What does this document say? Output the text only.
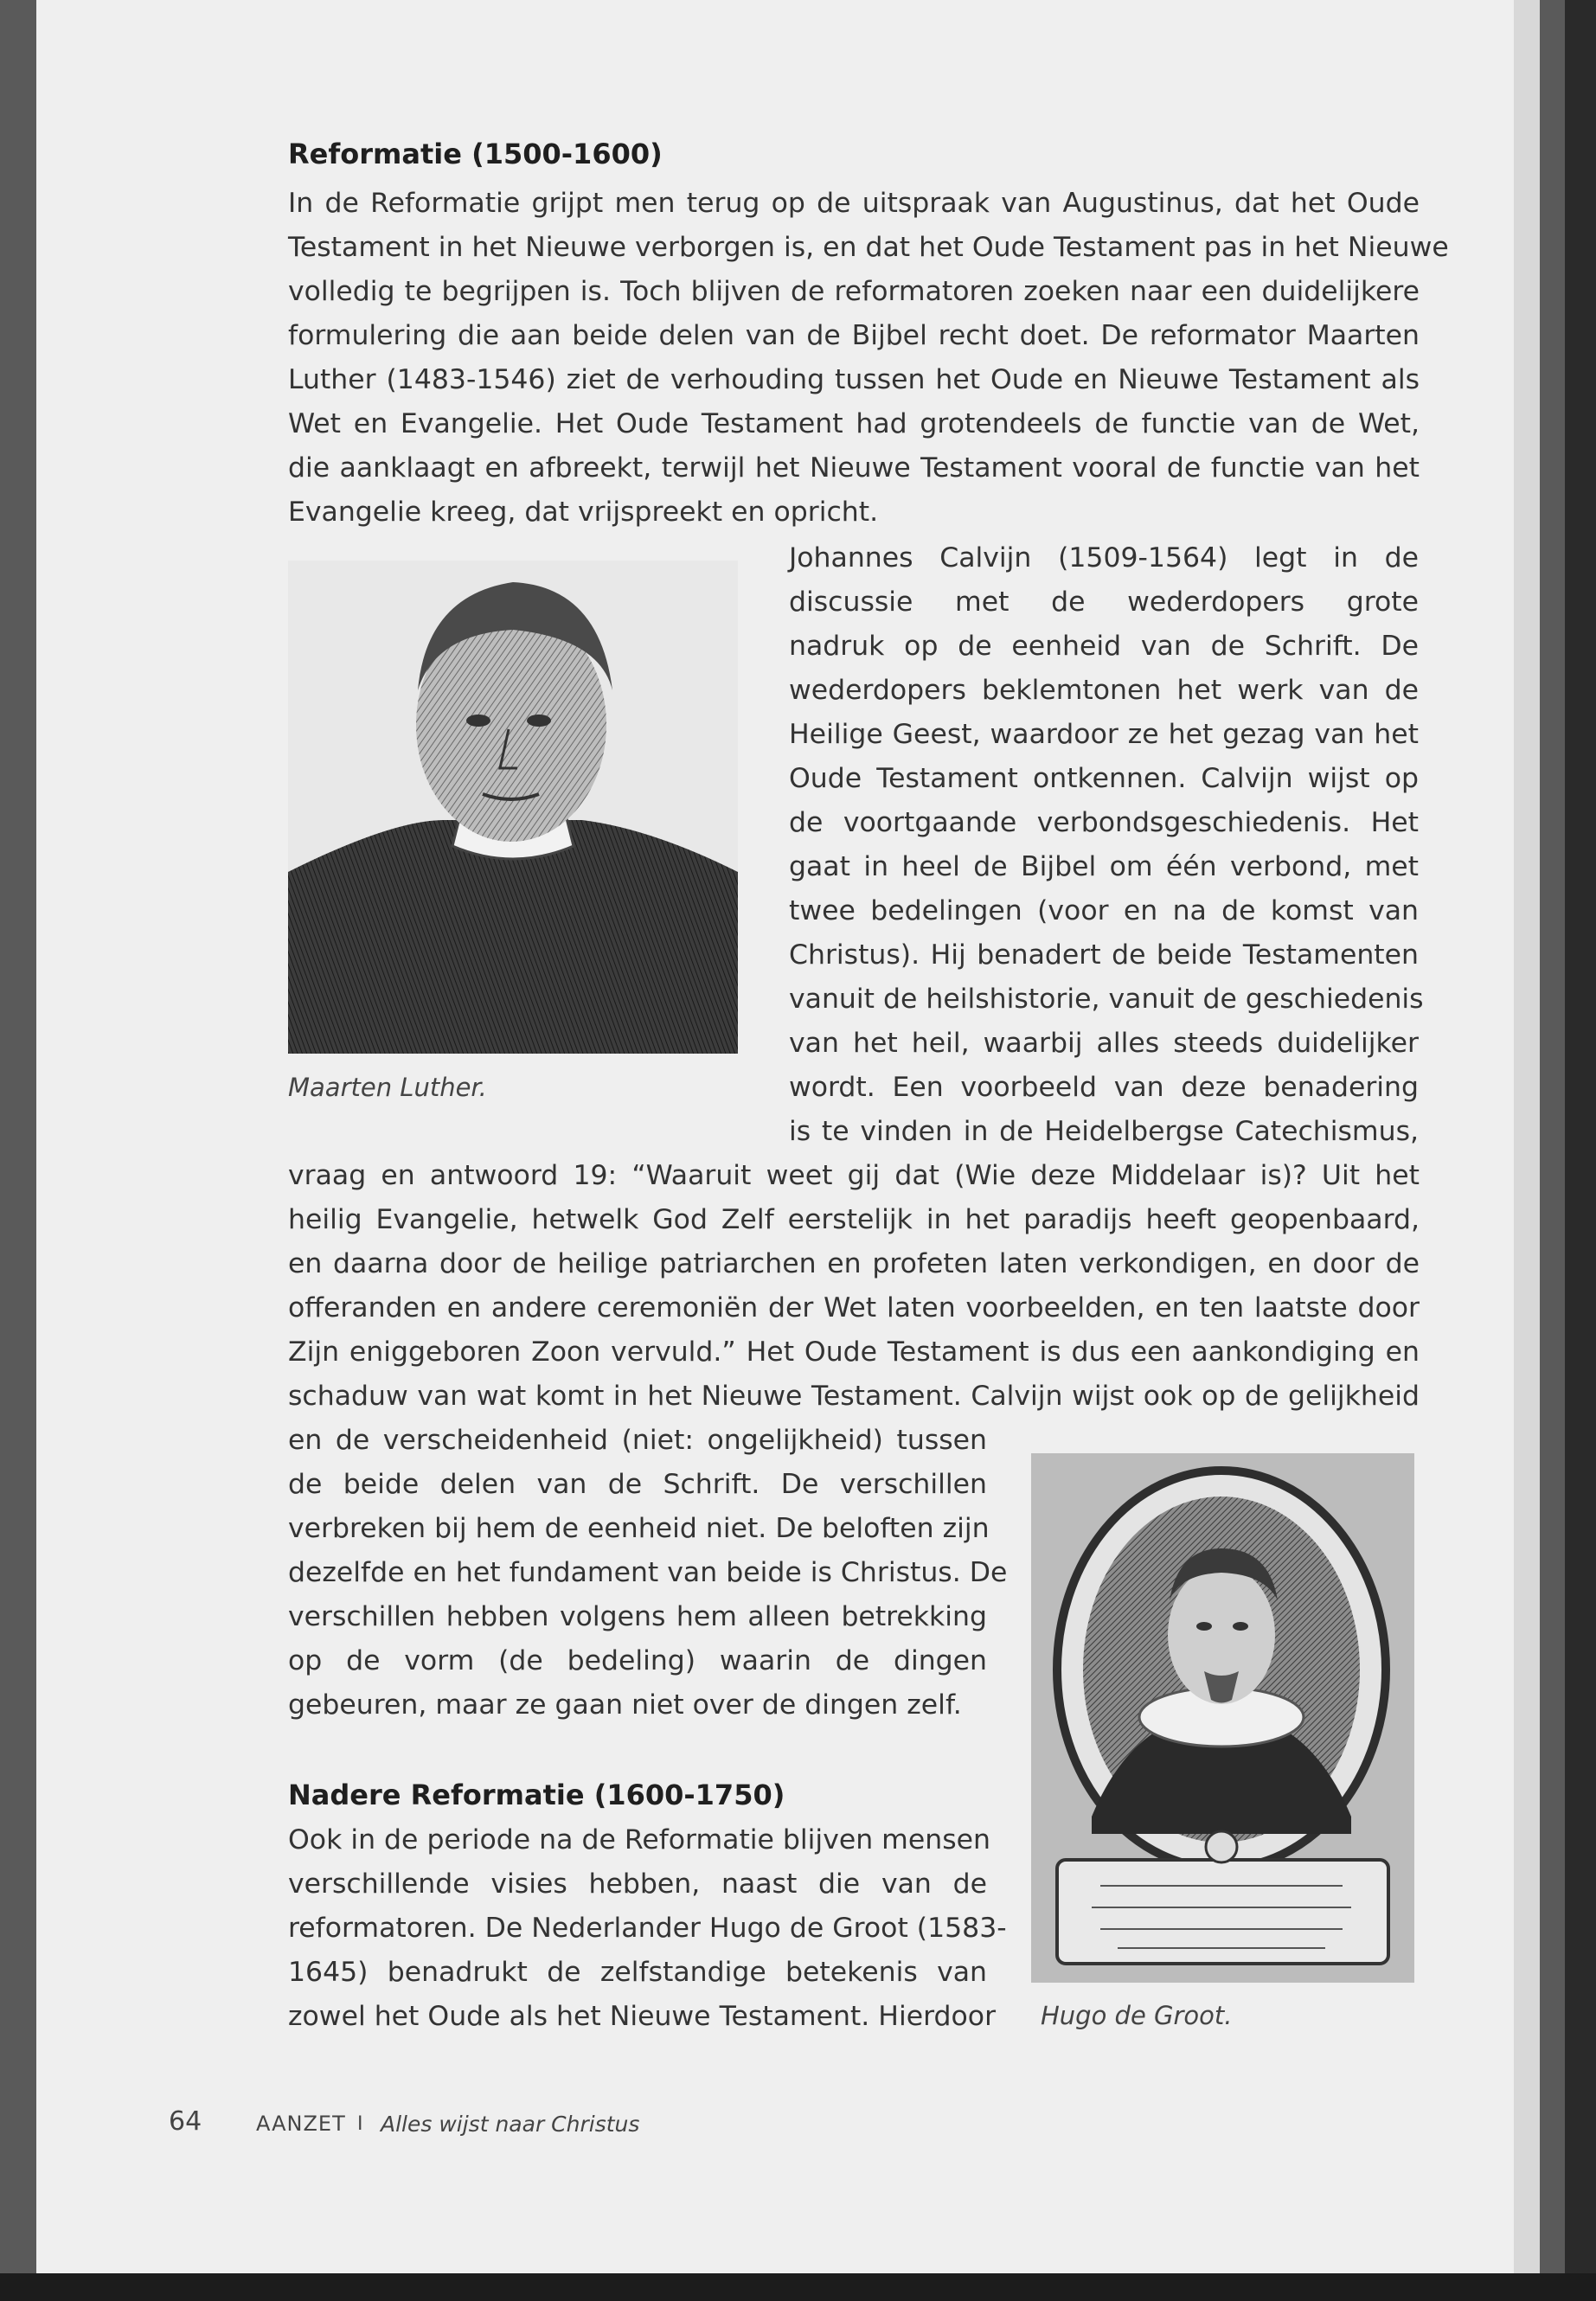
Reformatie (1500-1600)
In de Reformatie grijpt men terug op de uitspraak van Augustinus, dat het Oude
Testament in het Nieuwe verborgen is, en dat het Oude Testament pas in het Nieuwe
volledig te begrijpen is. Toch blijven de reformatoren zoeken naar een duidelijkere
formulering die aan beide delen van de Bijbel recht doet. De reformator Maarten
Luther (1483-1546) ziet de verhouding tussen het Oude en Nieuwe Testament als
Wet en Evangelie. Het Oude Testament had grotendeels de functie van de Wet,
die aanklaagt en afbreekt, terwijl het Nieuwe Testament vooral de functie van het
Evangelie kreeg, dat vrijspreekt en opricht.
Maarten Luther.
Johannes Calvijn (1509-1564) legt in de
discussie met de wederdopers grote
nadruk op de eenheid van de Schrift. De
wederdopers beklemtonen het werk van de
Heilige Geest, waardoor ze het gezag van het
Oude Testament ontkennen. Calvijn wijst op
de voortgaande verbondsgeschiedenis. Het
gaat in heel de Bijbel om één verbond, met
twee bedelingen (voor en na de komst van
Christus). Hij benadert de beide Testamenten
vanuit de heilshistorie, vanuit de geschiedenis
van het heil, waarbij alles steeds duidelijker
wordt. Een voorbeeld van deze benadering
is te vinden in de Heidelbergse Catechismus,
vraag en antwoord 19: “Waaruit weet gij dat (Wie deze Middelaar is)? Uit het
heilig Evangelie, hetwelk God Zelf eerstelijk in het paradijs heeft geopenbaard,
en daarna door de heilige patriarchen en profeten laten verkondigen, en door de
offeranden en andere ceremoniën der Wet laten voorbeelden, en ten laatste door
Zijn eniggeboren Zoon vervuld.” Het Oude Testament is dus een aankondiging en
schaduw van wat komt in het Nieuwe Testament. Calvijn wijst ook op de gelijkheid
en de verscheidenheid (niet: ongelijkheid) tussen
de beide delen van de Schrift. De verschillen
verbreken bij hem de eenheid niet. De beloften zijn
dezelfde en het fundament van beide is Christus. De
verschillen hebben volgens hem alleen betrekking
op de vorm (de bedeling) waarin de dingen
gebeuren, maar ze gaan niet over de dingen zelf.
Hugo de Groot.
Nadere Reformatie (1600-1750)
Ook in de periode na de Reformatie blijven mensen
verschillende visies hebben, naast die van de
reformatoren. De Nederlander Hugo de Groot (1583-
1645) benadrukt de zelfstandige betekenis van
zowel het Oude als het Nieuwe Testament. Hierdoor
64	AANZET I Alles wijst naar Christus
